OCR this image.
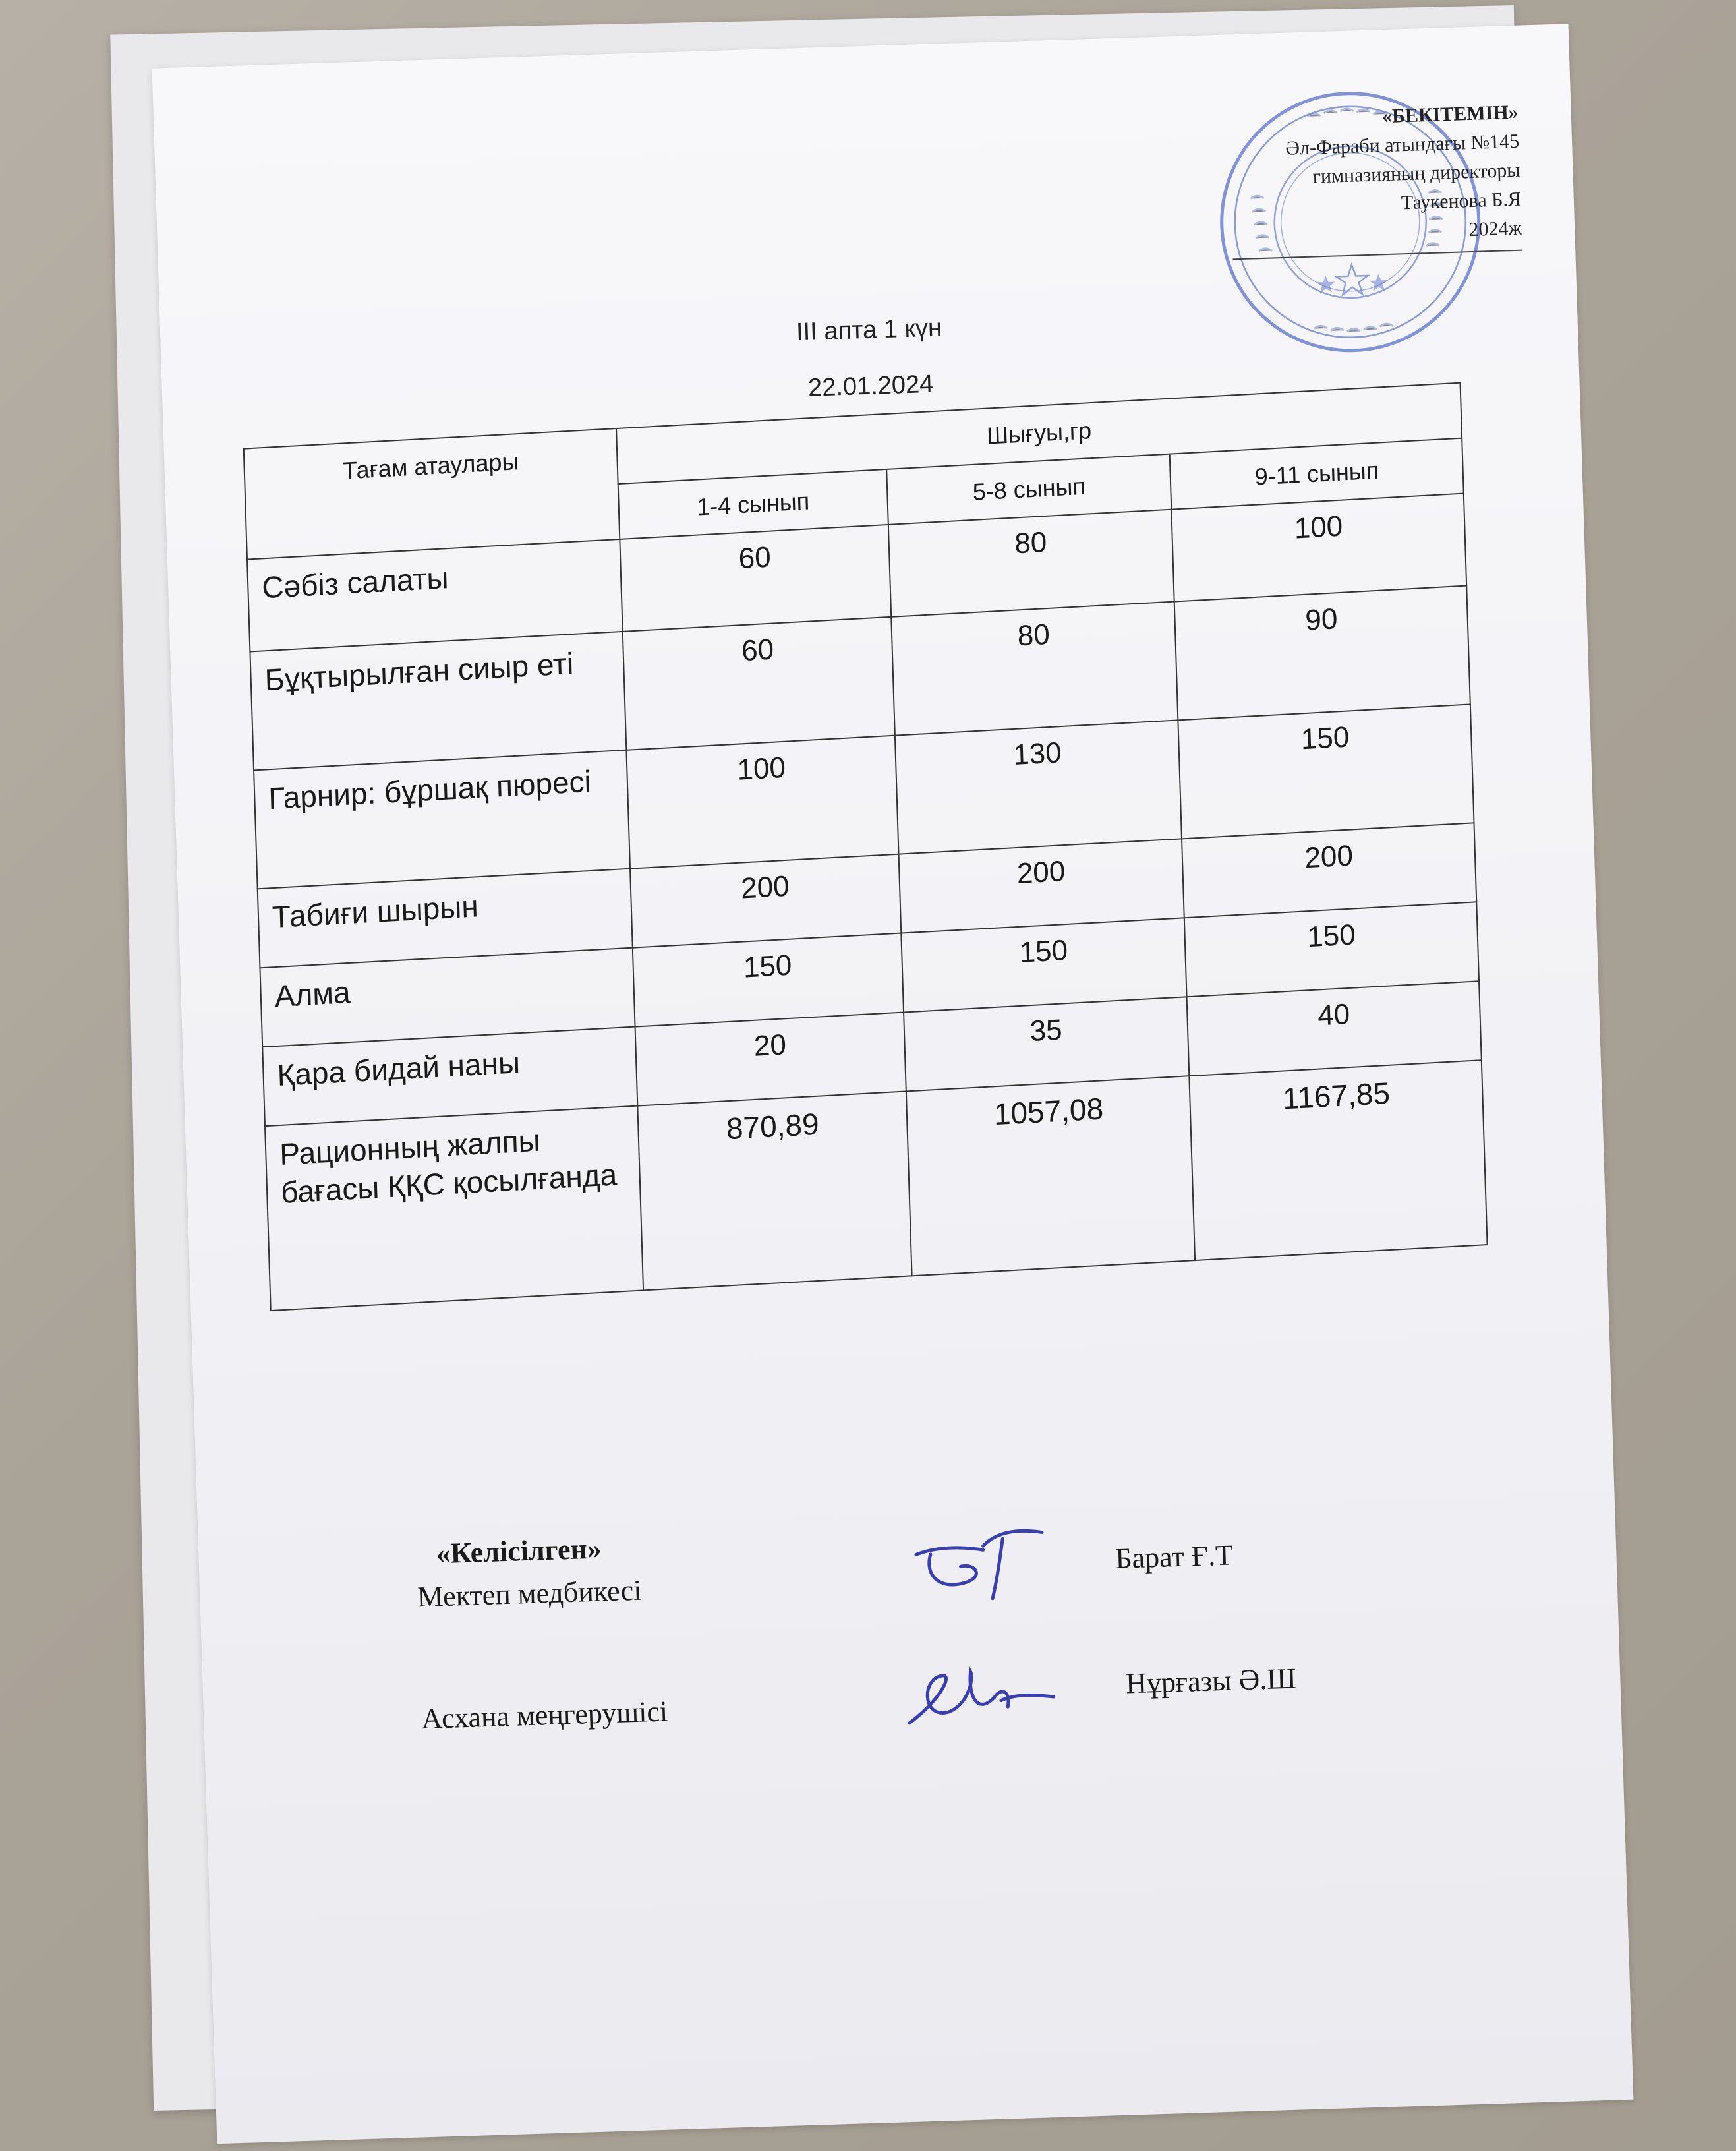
«БЕКІТЕМІН»
Әл-Фараби атындағы №145
гимназияның директоры
Таукенова Б.Я
2024ж
ІІІ апта 1 күн
22.01.2024
Тағам атаулары	Шығуы,гр		
	1-4 сынып	5-8 сынып	9-11 сынып
Сәбіз салаты	60	80	100
Бұқтырылған сиыр еті	60	80	90
Гарнир: бұршақ пюресі	100	130	150
Табиғи шырын	200	200	200
Алма	150	150	150
Қара бидай наны	20	35	40
Рационның жалпы бағасы ҚҚС қосылғанда	870,89	1057,08	1167,85
«Келісілген»
Мектеп медбикесі
Барат Ғ.Т
Асхана меңгерушісі
Нұрғазы Ә.Ш
